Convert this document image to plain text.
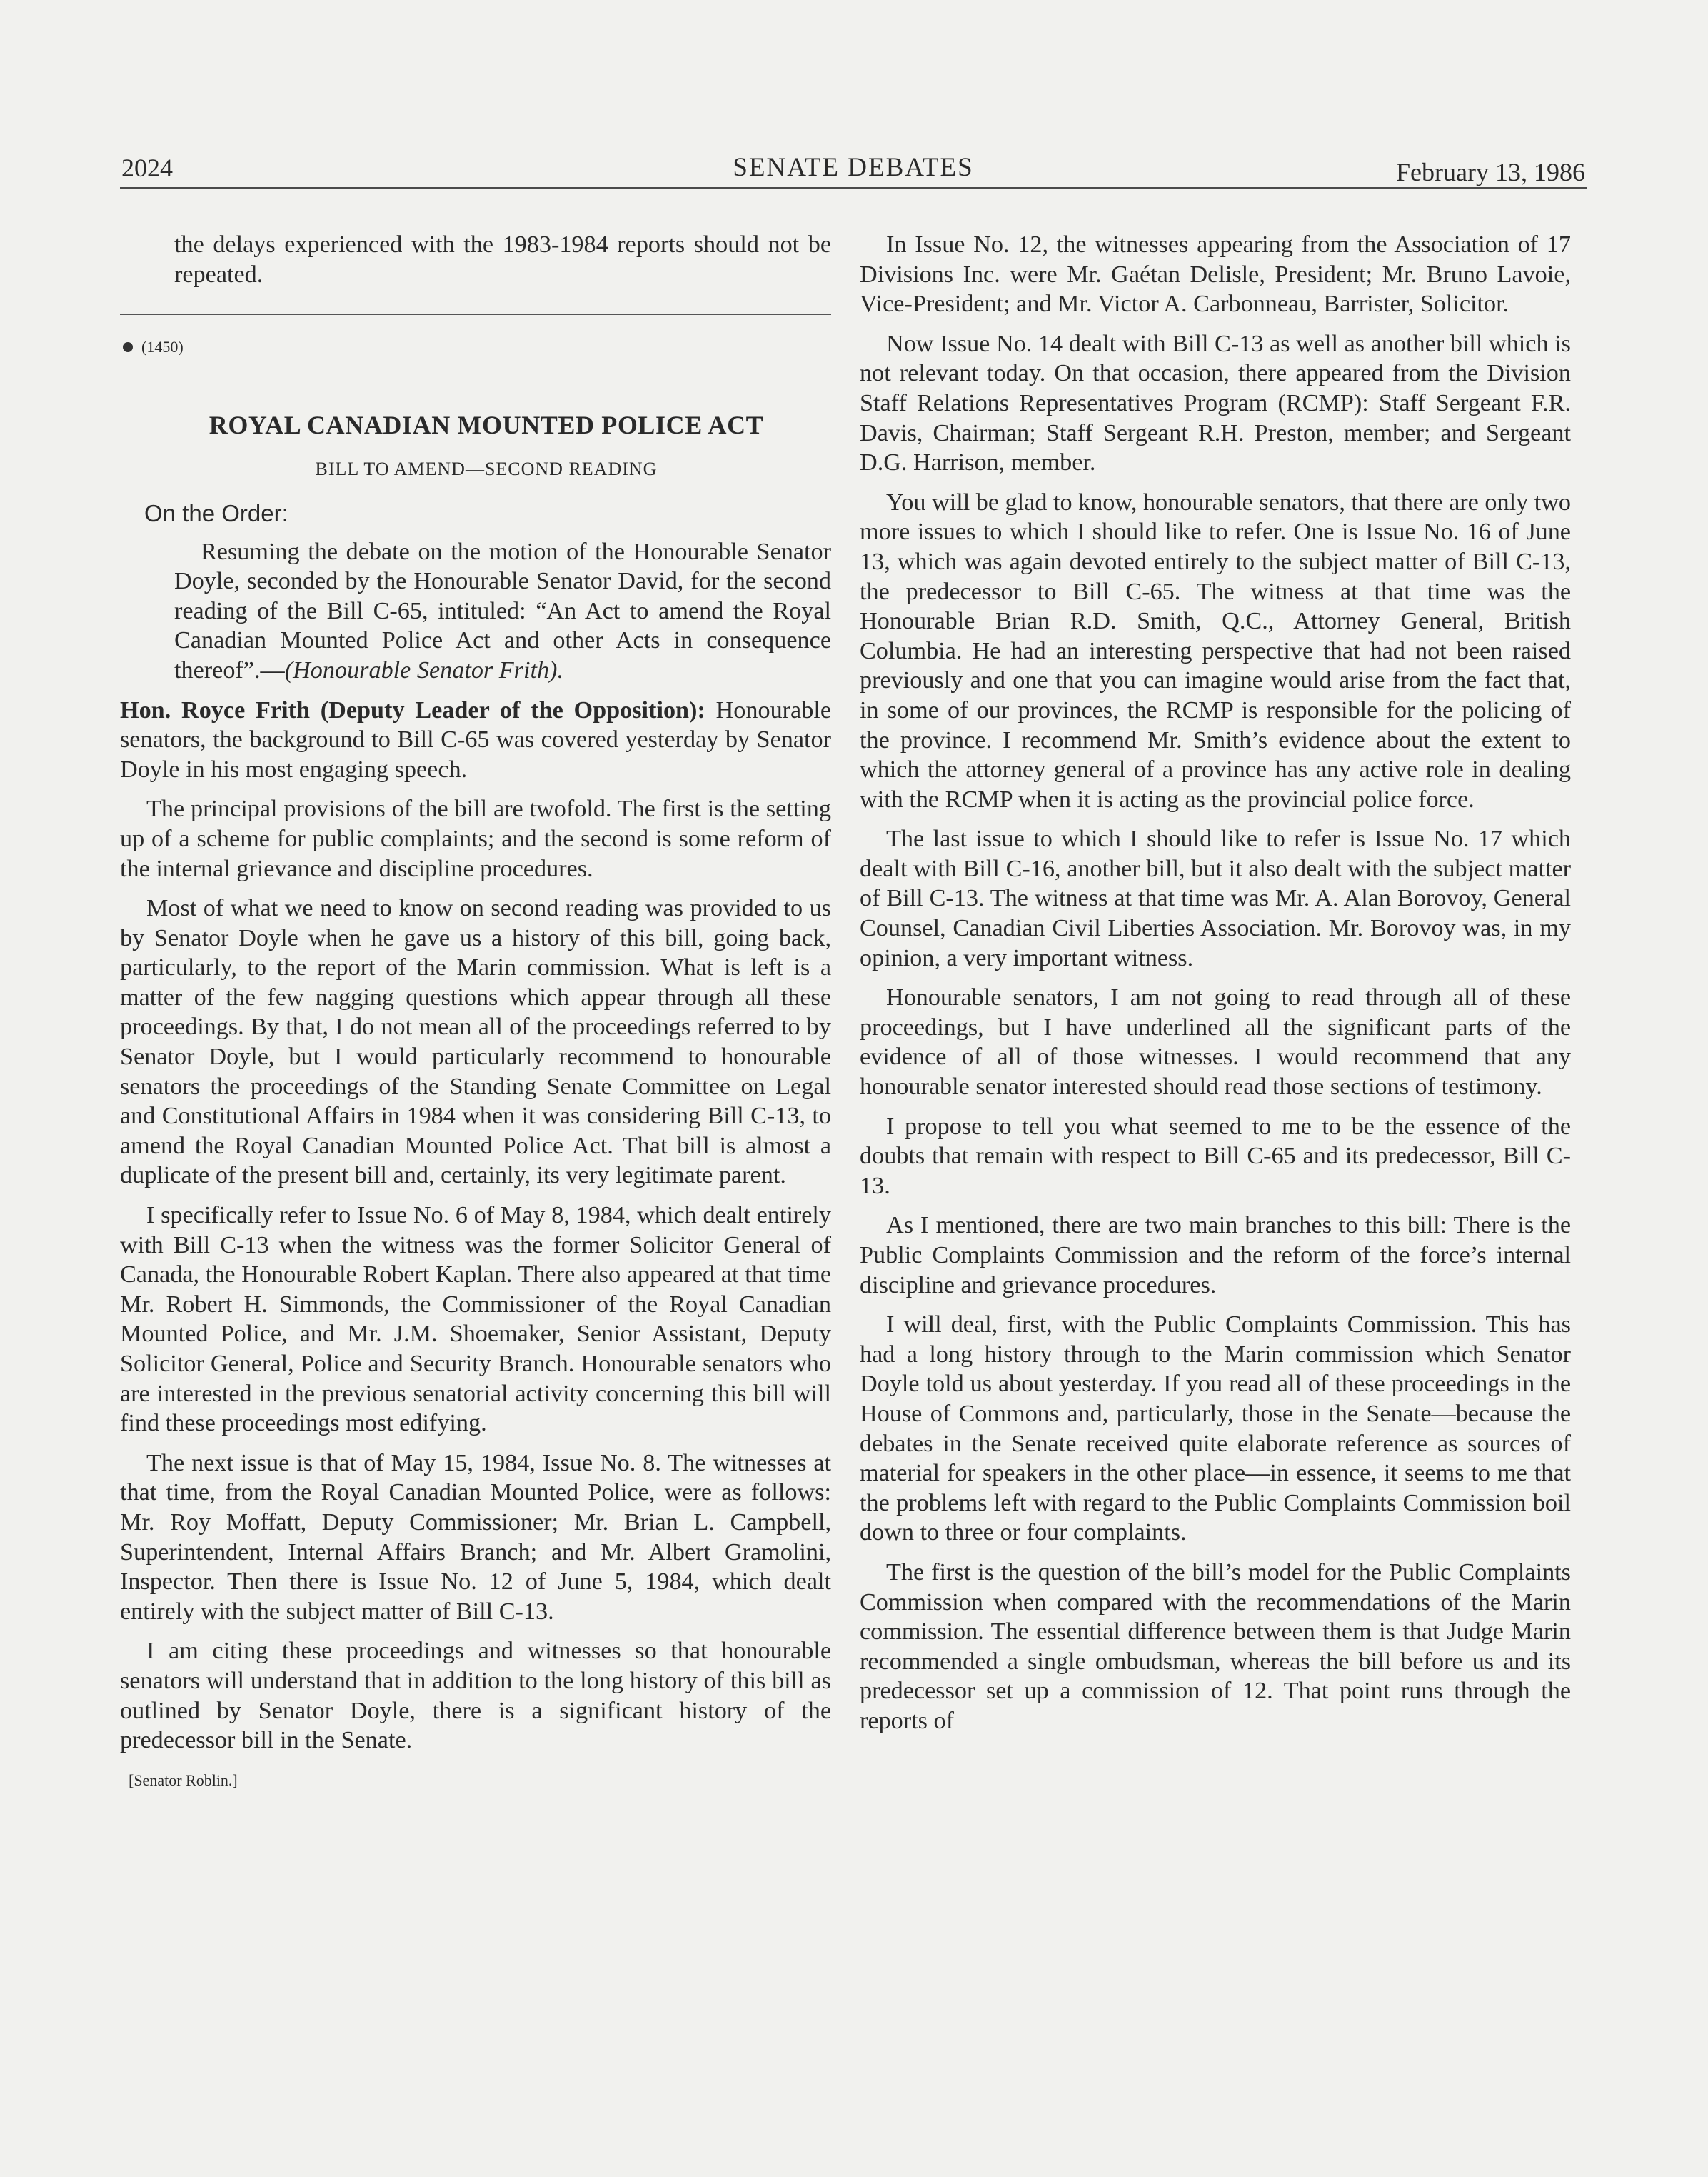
2024	SENATE DEBATES	February 13, 1986

the delays experienced with the 1983-1984 reports should not be repeated.

(1450)
ROYAL CANADIAN MOUNTED POLICE ACT
BILL TO AMEND—SECOND READING
On the Order:

Resuming the debate on the motion of the Honourable Senator Doyle, seconded by the Honourable Senator David, for the second reading of the Bill C-65, intituled: “An Act to amend the Royal Canadian Mounted Police Act and other Acts in consequence thereof”.—(Honourable Senator Frith).

Hon. Royce Frith (Deputy Leader of the Opposition): Honourable senators, the background to Bill C-65 was covered yesterday by Senator Doyle in his most engaging speech.

The principal provisions of the bill are twofold. The first is the setting up of a scheme for public complaints; and the second is some reform of the internal grievance and discipline procedures.

Most of what we need to know on second reading was provided to us by Senator Doyle when he gave us a history of this bill, going back, particularly, to the report of the Marin commission. What is left is a matter of the few nagging questions which appear through all these proceedings. By that, I do not mean all of the proceedings referred to by Senator Doyle, but I would particularly recommend to honourable senators the proceedings of the Standing Senate Committee on Legal and Constitutional Affairs in 1984 when it was considering Bill C-13, to amend the Royal Canadian Mounted Police Act. That bill is almost a duplicate of the present bill and, certainly, its very legitimate parent.

I specifically refer to Issue No. 6 of May 8, 1984, which dealt entirely with Bill C-13 when the witness was the former Solicitor General of Canada, the Honourable Robert Kaplan. There also appeared at that time Mr. Robert H. Simmonds, the Commissioner of the Royal Canadian Mounted Police, and Mr. J.M. Shoemaker, Senior Assistant, Deputy Solicitor General, Police and Security Branch. Honourable senators who are interested in the previous senatorial activity concerning this bill will find these proceedings most edifying.

The next issue is that of May 15, 1984, Issue No. 8. The witnesses at that time, from the Royal Canadian Mounted Police, were as follows: Mr. Roy Moffatt, Deputy Commissioner; Mr. Brian L. Campbell, Superintendent, Internal Affairs Branch; and Mr. Albert Gramolini, Inspector. Then there is Issue No. 12 of June 5, 1984, which dealt entirely with the subject matter of Bill C-13.

I am citing these proceedings and witnesses so that honourable senators will understand that in addition to the long history of this bill as outlined by Senator Doyle, there is a significant history of the predecessor bill in the Senate.

[Senator Roblin.]

In Issue No. 12, the witnesses appearing from the Association of 17 Divisions Inc. were Mr. Gaétan Delisle, President; Mr. Bruno Lavoie, Vice-President; and Mr. Victor A. Carbonneau, Barrister, Solicitor.

Now Issue No. 14 dealt with Bill C-13 as well as another bill which is not relevant today. On that occasion, there appeared from the Division Staff Relations Representatives Program (RCMP): Staff Sergeant F.R. Davis, Chairman; Staff Sergeant R.H. Preston, member; and Sergeant D.G. Harrison, member.

You will be glad to know, honourable senators, that there are only two more issues to which I should like to refer. One is Issue No. 16 of June 13, which was again devoted entirely to the subject matter of Bill C-13, the predecessor to Bill C-65. The witness at that time was the Honourable Brian R.D. Smith, Q.C., Attorney General, British Columbia. He had an interesting perspective that had not been raised previously and one that you can imagine would arise from the fact that, in some of our provinces, the RCMP is responsible for the policing of the province. I recommend Mr. Smith’s evidence about the extent to which the attorney general of a province has any active role in dealing with the RCMP when it is acting as the provincial police force.

The last issue to which I should like to refer is Issue No. 17 which dealt with Bill C-16, another bill, but it also dealt with the subject matter of Bill C-13. The witness at that time was Mr. A. Alan Borovoy, General Counsel, Canadian Civil Liberties Association. Mr. Borovoy was, in my opinion, a very important witness.

Honourable senators, I am not going to read through all of these proceedings, but I have underlined all the significant parts of the evidence of all of those witnesses. I would recommend that any honourable senator interested should read those sections of testimony.

I propose to tell you what seemed to me to be the essence of the doubts that remain with respect to Bill C-65 and its predecessor, Bill C-13.

As I mentioned, there are two main branches to this bill: There is the Public Complaints Commission and the reform of the force’s internal discipline and grievance procedures.

I will deal, first, with the Public Complaints Commission. This has had a long history through to the Marin commission which Senator Doyle told us about yesterday. If you read all of these proceedings in the House of Commons and, particularly, those in the Senate—because the debates in the Senate received quite elaborate reference as sources of material for speakers in the other place—in essence, it seems to me that the problems left with regard to the Public Complaints Commission boil down to three or four complaints.

The first is the question of the bill’s model for the Public Complaints Commission when compared with the recommendations of the Marin commission. The essential difference between them is that Judge Marin recommended a single ombudsman, whereas the bill before us and its predecessor set up a commission of 12. That point runs through the reports of
